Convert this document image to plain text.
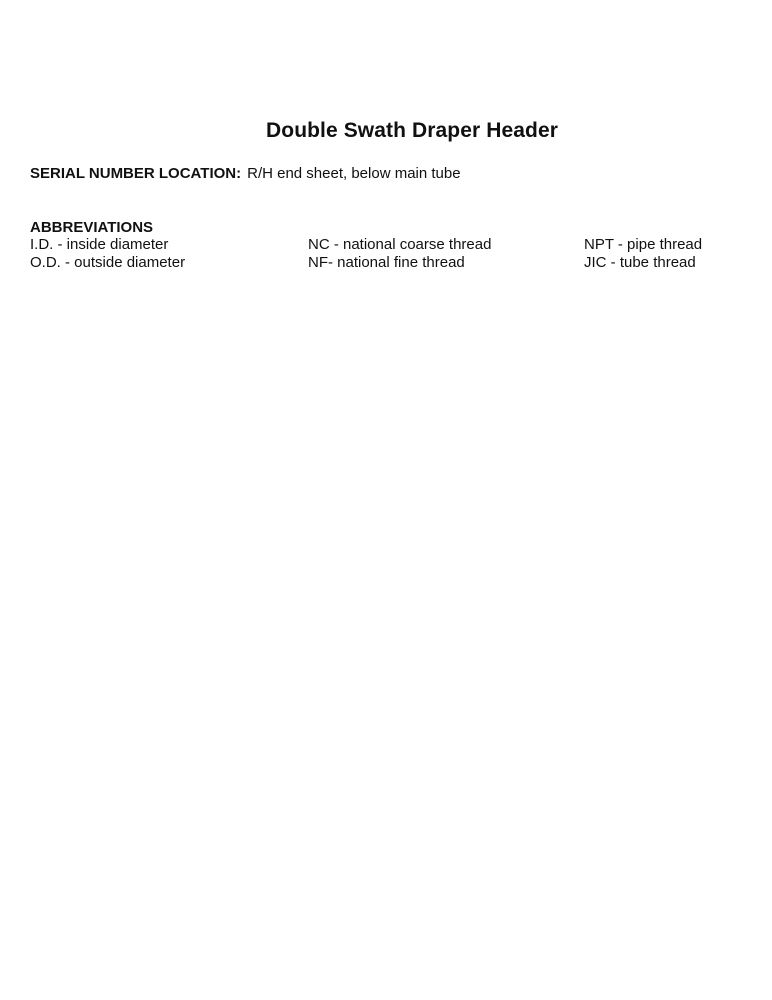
Double Swath Draper Header
SERIAL NUMBER LOCATION: R/H end sheet, below main tube
ABBREVIATIONS
I.D. - inside diameter
O.D. - outside diameter
NC - national coarse thread
NF- national fine thread
NPT - pipe thread
JIC - tube thread
